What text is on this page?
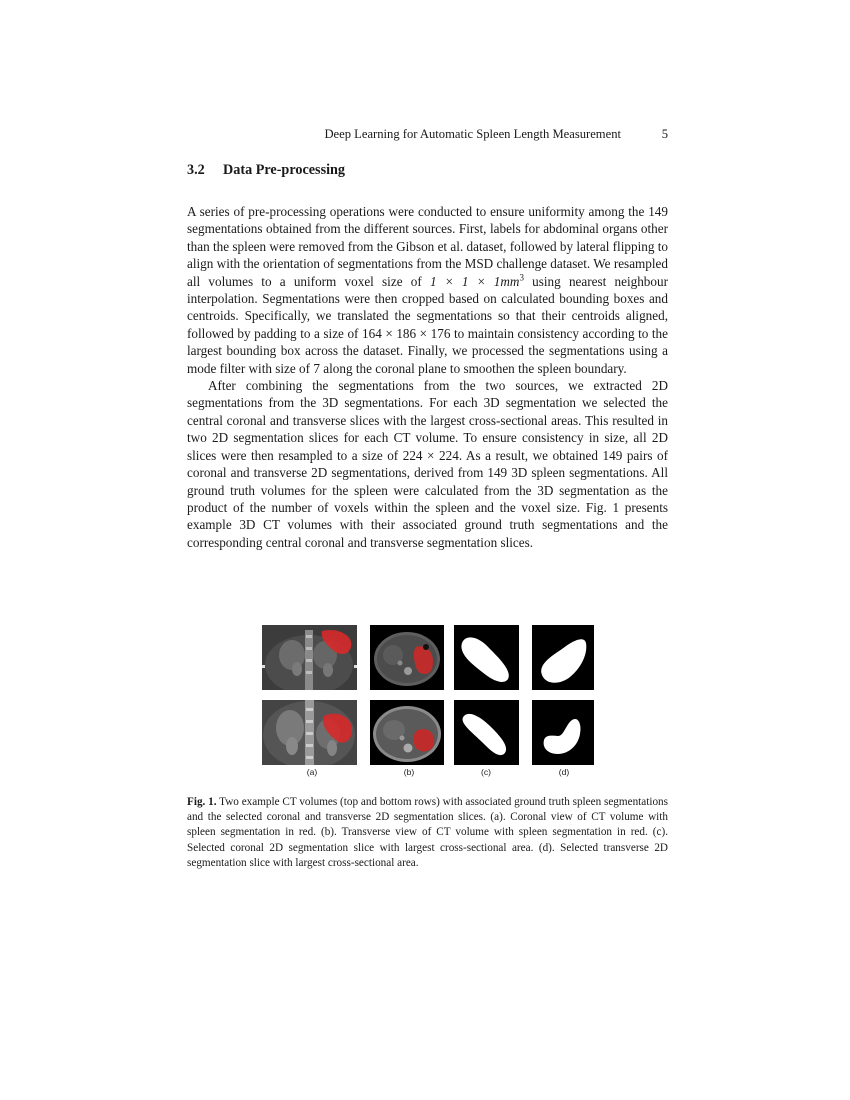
Deep Learning for Automatic Spleen Length Measurement	5
3.2 Data Pre-processing

A series of pre-processing operations were conducted to ensure uniformity among the 149 segmentations obtained from the different sources. First, labels for abdominal organs other than the spleen were removed from the Gibson et al. dataset, followed by lateral flipping to align with the orientation of segmentations from the MSD challenge dataset. We resampled all volumes to a uniform voxel size of $1 \times 1 \times 1mm^3$ using nearest neighbour interpolation. Segmentations were then cropped based on calculated bounding boxes and centroids. Specifically, we translated the segmentations so that their centroids aligned, followed by padding to a size of 164 × 186 × 176 to maintain consistency according to the largest bounding box across the dataset. Finally, we processed the segmentations using a mode filter with size of 7 along the coronal plane to smoothen the spleen boundary.

After combining the segmentations from the two sources, we extracted 2D segmentations from the 3D segmentations. For each 3D segmentation we selected the central coronal and transverse slices with the largest cross-sectional areas. This resulted in two 2D segmentation slices for each CT volume. To ensure consistency in size, all 2D slices were then resampled to a size of 224 × 224. As a result, we obtained 149 pairs of coronal and transverse 2D segmentations, derived from 149 3D spleen segmentations. All ground truth volumes for the spleen were calculated from the 3D segmentation as the product of the number of voxels within the spleen and the voxel size. Fig. 1 presents example 3D CT volumes with their associated ground truth segmentations and the corresponding central coronal and transverse segmentation slices.

(a)	(b)	(c)	(d)
Fig. 1. Two example CT volumes (top and bottom rows) with associated ground truth spleen segmentations and the selected coronal and transverse 2D segmentation slices. (a). Coronal view of CT volume with spleen segmentation in red. (b). Transverse view of CT volume with spleen segmentation in red. (c). Selected coronal 2D segmentation slice with largest cross-sectional area. (d). Selected transverse 2D segmentation slice with largest cross-sectional area.
